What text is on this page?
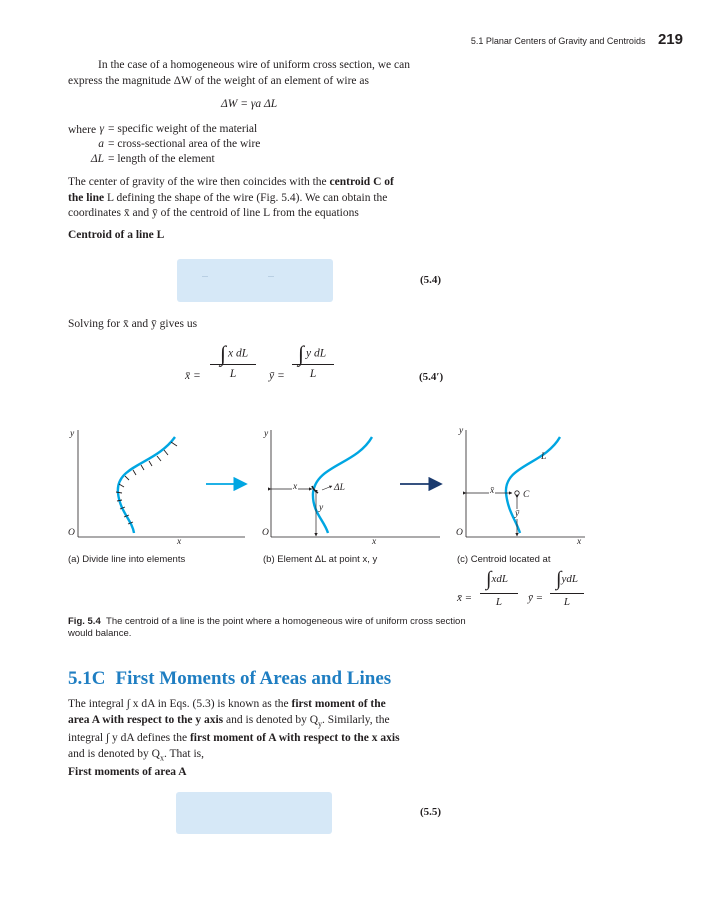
5.1 Planar Centers of Gravity and Centroids 219
In the case of a homogeneous wire of uniform cross section, we can
express the magnitude ΔW of the weight of an element of wire as
ΔW = γa ΔL
where γ = specific weight of the material
a = cross-sectional area of the wire
ΔL = length of the element
The center of gravity of the wire then coincides with the centroid C of
the line L defining the shape of the wire (Fig. 5.4). We can obtain the
coordinates x̄ and ȳ of the centroid of line L from the equations
Centroid of a line L
(5.4)
Solving for x̄ and ȳ gives us
x̄ = $\frac{\text{∫ x dL}}{L}$ ȳ = $\frac{\text{∫ y dL}}{L}$	(5.4′)
y
O
x
y
O
x
x
y
ΔL
y
O
x
x̄
ȳ
C
L
(a) Divide line into elements	(b) Element ΔL at point x, y	(c) Centroid located at
x̄ = $\frac{\text{∫xdL}}{L}$ ȳ = $\frac{\text{∫ydL}}{L}$
Fig. 5.4 The centroid of a line is the point where a homogeneous wire of uniform cross section
would balance.
5.1C First Moments of Areas and Lines
The integral ∫ x dA in Eqs. (5.3) is known as the first moment of the
area A with respect to the y axis and is denoted by $Q_y$. Similarly, the
integral ∫ y dA defines the first moment of A with respect to the x axis
and is denoted by $Q_x$. That is,
First moments of area A
(5.5)
